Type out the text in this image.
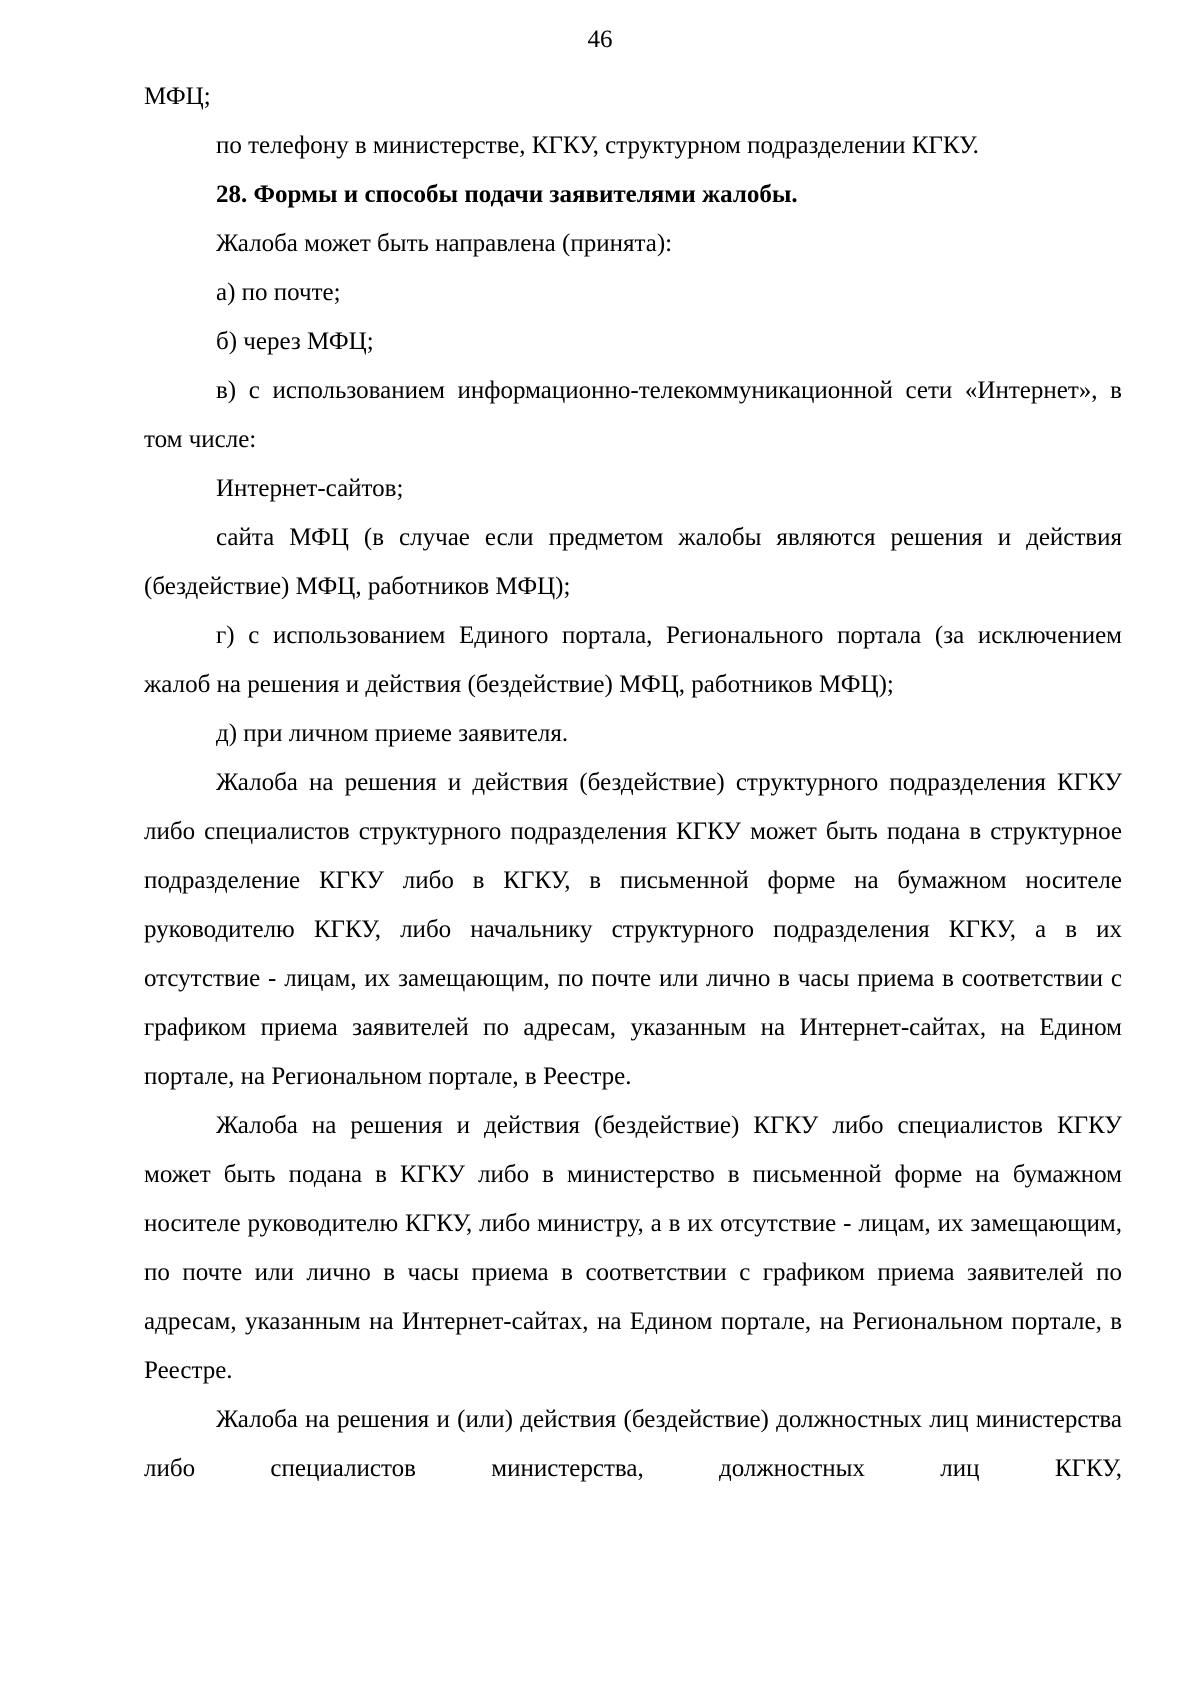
46

МФЦ;

по телефону в министерстве, КГКУ, структурном подразделении КГКУ.

28. Формы и способы подачи заявителями жалобы.

Жалоба может быть направлена (принята):

а) по почте;

б) через МФЦ;

в) с использованием информационно-телекоммуникационной сети «Интернет», в том числе:

Интернет-сайтов;

сайта МФЦ (в случае если предметом жалобы являются решения и действия (бездействие) МФЦ, работников МФЦ);

г) с использованием Единого портала, Регионального портала (за исключением жалоб на решения и действия (бездействие) МФЦ, работников МФЦ);

д) при личном приеме заявителя.

Жалоба на решения и действия (бездействие) структурного подразделения КГКУ либо специалистов структурного подразделения КГКУ может быть подана в структурное подразделение КГКУ либо в КГКУ, в письменной форме на бумажном носителе руководителю КГКУ, либо начальнику структурного подразделения КГКУ, а в их отсутствие - лицам, их замещающим, по почте или лично в часы приема в соответствии с графиком приема заявителей по адресам, указанным на Интернет-сайтах, на Едином портале, на Региональном портале, в Реестре.

Жалоба на решения и действия (бездействие) КГКУ либо специалистов КГКУ может быть подана в КГКУ либо в министерство в письменной форме на бумажном носителе руководителю КГКУ, либо министру, а в их отсутствие - лицам, их замещающим, по почте или лично в часы приема в соответствии с графиком приема заявителей по адресам, указанным на Интернет-сайтах, на Едином портале, на Региональном портале, в Реестре.

Жалоба на решения и (или) действия (бездействие) должностных лиц министерства либо специалистов министерства, должностных лиц КГКУ,
